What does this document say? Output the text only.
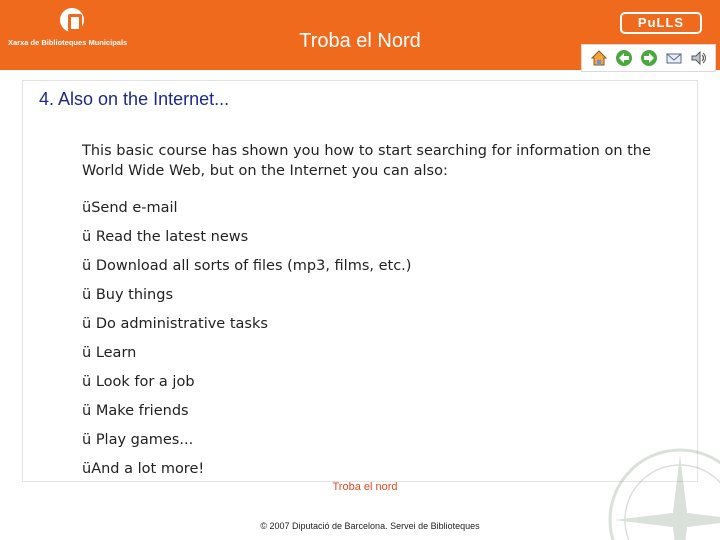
Xarxa de Biblioteques Municipals	Troba el Nord
PuLLS
4. Also on the Internet...
This basic course has shown you how to start searching for information on the World Wide Web, but on the Internet you can also:
üSend e-mail
ü Read the latest news
ü Download all sorts of files (mp3, films, etc.)
ü Buy things
ü Do administrative tasks
ü Learn
ü Look for a job
ü Make friends
ü Play games...
üAnd a lot more!
Troba el nord
© 2007 Diputació de Barcelona. Servei de Biblioteques
